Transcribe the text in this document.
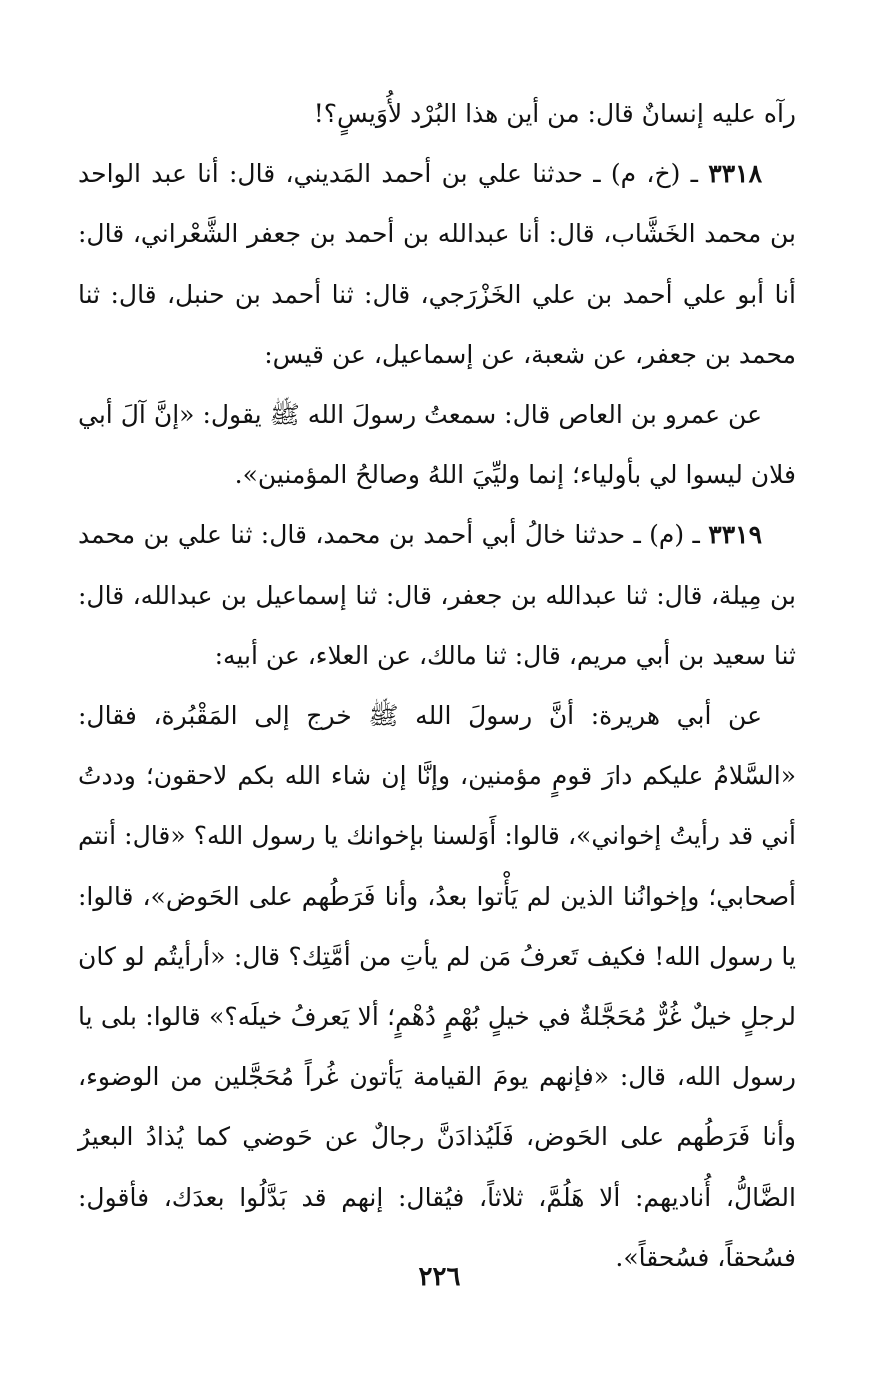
رآه عليه إنسانٌ قال: من أين هذا البُرْد لأُوَيسٍ؟!

٣٣١٨ ـ (خ، م) ـ حدثنا علي بن أحمد المَديني، قال: أنا عبد الواحد بن محمد الخَشَّاب، قال: أنا عبدالله بن أحمد بن جعفر الشَّعْراني، قال: أنا أبو علي أحمد بن علي الخَزْرَجي، قال: ثنا أحمد بن حنبل، قال: ثنا محمد بن جعفر، عن شعبة، عن إسماعيل، عن قيس:

عن عمرو بن العاص قال: سمعتُ رسولَ الله ﷺ يقول: «إنَّ آلَ أبي فلان ليسوا لي بأولياء؛ إنما وليِّيَ اللهُ وصالحُ المؤمنين».

٣٣١٩ ـ (م) ـ حدثنا خالُ أبي أحمد بن محمد، قال: ثنا علي بن محمد بن مِيلة، قال: ثنا عبدالله بن جعفر، قال: ثنا إسماعيل بن عبدالله، قال: ثنا سعيد بن أبي مريم، قال: ثنا مالك، عن العلاء، عن أبيه:

عن أبي هريرة: أنَّ رسولَ الله ﷺ خرج إلى المَقْبُرة، فقال: «السَّلامُ عليكم دارَ قومٍ مؤمنين، وإنَّا إن شاء الله بكم لاحقون؛ وددتُ أني قد رأيتُ إخواني»، قالوا: أَوَلسنا بإخوانك يا رسول الله؟ «قال: أنتم أصحابي؛ وإخوانُنا الذين لم يَأْتوا بعدُ، وأنا فَرَطُهم على الحَوض»، قالوا: يا رسول الله! فكيف تَعرفُ مَن لم يأتِ من أمَّتِك؟ قال: «أرأيتُم لو كان لرجلٍ خيلٌ غُرٌّ مُحَجَّلةٌ في خيلٍ بُهْمٍ دُهْمٍ؛ ألا يَعرفُ خيلَه؟» قالوا: بلى يا رسول الله، قال: «فإنهم يومَ القيامة يَأتون غُراً مُحَجَّلين من الوضوء، وأنا فَرَطُهم على الحَوض، فَلَيُذادَنَّ رجالٌ عن حَوضي كما يُذادُ البعيرُ الضَّالُّ، أُناديهم: ألا هَلُمَّ، ثلاثاً، فيُقال: إنهم قد بَدَّلُوا بعدَك، فأقول: فسُحقاً، فسُحقاً».

٢٢٦
